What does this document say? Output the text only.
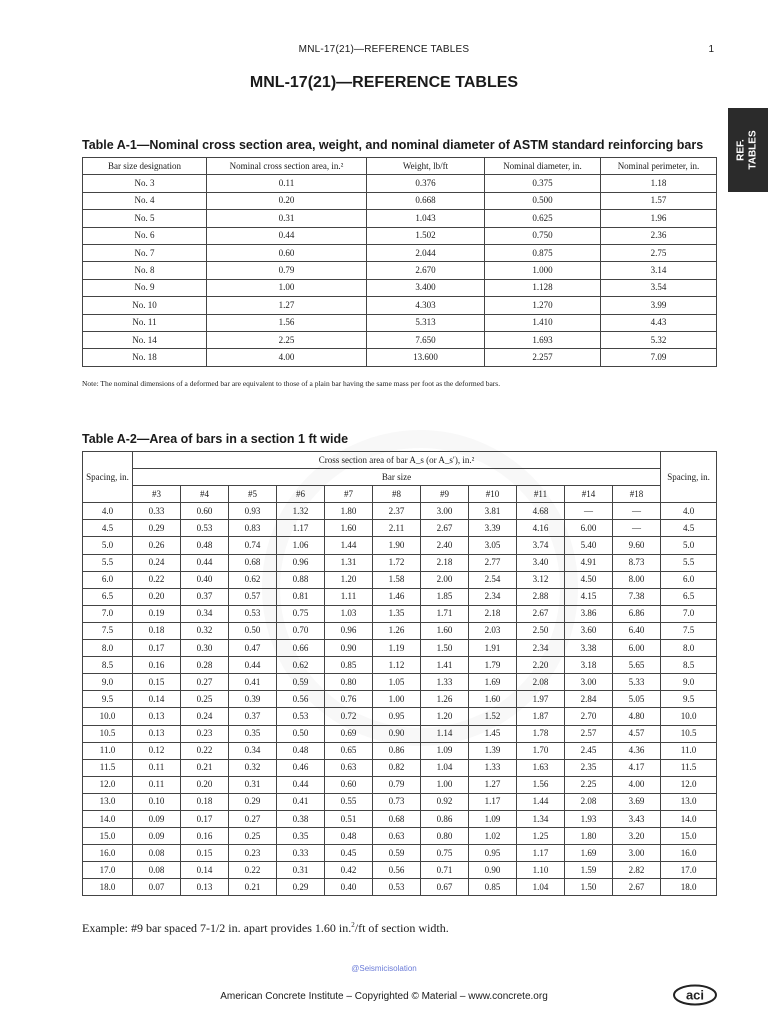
MNL-17(21)—REFERENCE TABLES	1
MNL-17(21)—REFERENCE TABLES
REF.
TABLES
Table A-1—Nominal cross section area, weight, and nominal diameter of ASTM standard reinforcing bars
Bar size designation	Nominal cross section area, in.²	Weight, lb/ft	Nominal diameter, in.	Nominal perimeter, in.
No. 3	0.11	0.376	0.375	1.18
No. 4	0.20	0.668	0.500	1.57
No. 5	0.31	1.043	0.625	1.96
No. 6	0.44	1.502	0.750	2.36
No. 7	0.60	2.044	0.875	2.75
No. 8	0.79	2.670	1.000	3.14
No. 9	1.00	3.400	1.128	3.54
No. 10	1.27	4.303	1.270	3.99
No. 11	1.56	5.313	1.410	4.43
No. 14	2.25	7.650	1.693	5.32
No. 18	4.00	13.600	2.257	7.09
Note: The nominal dimensions of a deformed bar are equivalent to those of a plain bar having the same mass per foot as the deformed bars.
Table A-2—Area of bars in a section 1 ft wide
Spacing, in.	Cross section area of bar A_s (or A_s′), in.²											Spacing, in.
	Bar size											
	#3	#4	#5	#6	#7	#8	#9	#10	#11	#14	#18	
4.0	0.33	0.60	0.93	1.32	1.80	2.37	3.00	3.81	4.68	—	—	4.0
4.5	0.29	0.53	0.83	1.17	1.60	2.11	2.67	3.39	4.16	6.00	—	4.5
5.0	0.26	0.48	0.74	1.06	1.44	1.90	2.40	3.05	3.74	5.40	9.60	5.0
5.5	0.24	0.44	0.68	0.96	1.31	1.72	2.18	2.77	3.40	4.91	8.73	5.5
6.0	0.22	0.40	0.62	0.88	1.20	1.58	2.00	2.54	3.12	4.50	8.00	6.0
6.5	0.20	0.37	0.57	0.81	1.11	1.46	1.85	2.34	2.88	4.15	7.38	6.5
7.0	0.19	0.34	0.53	0.75	1.03	1.35	1.71	2.18	2.67	3.86	6.86	7.0
7.5	0.18	0.32	0.50	0.70	0.96	1.26	1.60	2.03	2.50	3.60	6.40	7.5
8.0	0.17	0.30	0.47	0.66	0.90	1.19	1.50	1.91	2.34	3.38	6.00	8.0
8.5	0.16	0.28	0.44	0.62	0.85	1.12	1.41	1.79	2.20	3.18	5.65	8.5
9.0	0.15	0.27	0.41	0.59	0.80	1.05	1.33	1.69	2.08	3.00	5.33	9.0
9.5	0.14	0.25	0.39	0.56	0.76	1.00	1.26	1.60	1.97	2.84	5.05	9.5
10.0	0.13	0.24	0.37	0.53	0.72	0.95	1.20	1.52	1.87	2.70	4.80	10.0
10.5	0.13	0.23	0.35	0.50	0.69	0.90	1.14	1.45	1.78	2.57	4.57	10.5
11.0	0.12	0.22	0.34	0.48	0.65	0.86	1.09	1.39	1.70	2.45	4.36	11.0
11.5	0.11	0.21	0.32	0.46	0.63	0.82	1.04	1.33	1.63	2.35	4.17	11.5
12.0	0.11	0.20	0.31	0.44	0.60	0.79	1.00	1.27	1.56	2.25	4.00	12.0
13.0	0.10	0.18	0.29	0.41	0.55	0.73	0.92	1.17	1.44	2.08	3.69	13.0
14.0	0.09	0.17	0.27	0.38	0.51	0.68	0.86	1.09	1.34	1.93	3.43	14.0
15.0	0.09	0.16	0.25	0.35	0.48	0.63	0.80	1.02	1.25	1.80	3.20	15.0
16.0	0.08	0.15	0.23	0.33	0.45	0.59	0.75	0.95	1.17	1.69	3.00	16.0
17.0	0.08	0.14	0.22	0.31	0.42	0.56	0.71	0.90	1.10	1.59	2.82	17.0
18.0	0.07	0.13	0.21	0.29	0.40	0.53	0.67	0.85	1.04	1.50	2.67	18.0
Example: #9 bar spaced 7-1/2 in. apart provides 1.60 in.$^2$/ft of section width.
@Seismicisolation
American Concrete Institute – Copyrighted © Material – www.concrete.org	aci
